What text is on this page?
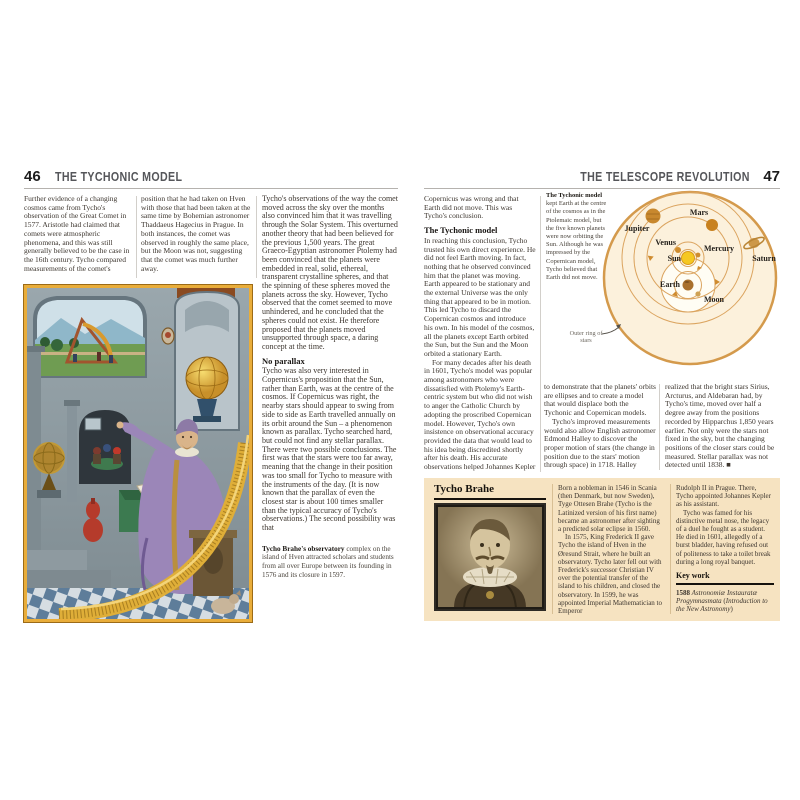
46 THE TYCHONIC MODEL

Further evidence of a changing cosmos came from Tycho's observation of the Great Comet in 1577. Aristotle had claimed that comets were atmospheric phenomena, and this was still generally believed to be the case in the 16th century. Tycho compared measurements of the comet's

position that he had taken on Hven with those that had been taken at the same time by Bohemian astronomer Thaddaeus Hagecius in Prague. In both instances, the comet was observed in roughly the same place, but the Moon was not, suggesting that the comet was much further away.

Tycho's observations of the way the comet moved across the sky over the months also convinced him that it was travelling through the Solar System. This overturned another theory that had been believed for the previous 1,500 years. The great Graeco-Egyptian astronomer Ptolemy had been convinced that the planets were embedded in real, solid, ethereal, transparent crystalline spheres, and that the spinning of these spheres moved the planets across the sky. However, Tycho observed that the comet seemed to move unhindered, and he concluded that the spheres could not exist. He therefore proposed that the planets moved unsupported through space, a daring concept at the time.

No parallax

Tycho was also very interested in Copernicus's proposition that the Sun, rather than Earth, was at the centre of the cosmos. If Copernicus was right, the nearby stars should appear to swing from side to side as Earth travelled annually on its orbit around the Sun – a phenomenon known as parallax. Tycho searched hard, but could not find any stellar parallax. There were two possible conclusions. The first was that the stars were too far away, meaning that the change in their position was too small for Tycho to measure with the instruments of the day. (It is now known that the parallax of even the closest star is about 100 times smaller than the typical accuracy of Tycho's observations.) The second possibility was that

Tycho Brahe's observatory complex on the island of Hven attracted scholars and students from all over Europe between its founding in 1576 and its closure in 1597.
THE TELESCOPE REVOLUTION 47

Copernicus was wrong and that Earth did not move. This was Tycho's conclusion.

The Tychonic model

In reaching this conclusion, Tycho trusted his own direct experience. He did not feel Earth moving. In fact, nothing that he observed convinced him that the planet was moving. Earth appeared to be stationary and the external Universe was the only thing that appeared to be in motion. This led Tycho to discard the Copernican cosmos and introduce his own. In his model of the cosmos, all the planets except Earth orbited the Sun, but the Sun and the Moon orbited a stationary Earth.

For many decades after his death in 1601, Tycho's model was popular among astronomers who were dissatisfied with Ptolemy's Earth-centric system but who did not wish to anger the Catholic Church by adopting the proscribed Copernican model. However, Tycho's own insistence on observational accuracy provided the data that would lead to his idea being discredited shortly after his death. His accurate observations helped Johannes Kepler

The Tychonic model kept Earth at the centre of the cosmos as in the Ptolemaic model, but the five known planets were now orbiting the Sun. Although he was impressed by the Copernican model, Tycho believed that Earth did not move.
Mars
Jupiter
Venus
Mercury
Sun
Earth
Moon
Saturn
Outer ring of stars

to demonstrate that the planets' orbits are ellipses and to create a model that would displace both the Tychonic and Copernican models.

Tycho's improved measurements would also allow English astronomer Edmond Halley to discover the proper motion of stars (the change in position due to the stars' motion through space) in 1718. Halley

realized that the bright stars Sirius, Arcturus, and Aldebaran had, by Tycho's time, moved over half a degree away from the positions recorded by Hipparchus 1,850 years earlier. Not only were the stars not fixed in the sky, but the changing positions of the closer stars could be measured. Stellar parallax was not detected until 1838. ■

Tycho Brahe	Born a nobleman in 1546 in Scania (then Denmark, but now Sweden), Tyge Ottesen Brahe (Tycho is the Latinized version of his first name) became an astronomer after sighting a predicted solar eclipse in 1560.

In 1575, King Frederick II gave Tycho the island of Hven in the Øresund Strait, where he built an observatory. Tycho later fell out with Frederick's successor Christian IV over the potential transfer of the island to his children, and closed the observatory. In 1599, he was appointed Imperial Mathematician to Emperor

Rudolph II in Prague. There, Tycho appointed Johannes Kepler as his assistant.

Tycho was famed for his distinctive metal nose, the legacy of a duel he fought as a student. He died in 1601, allegedly of a burst bladder, having refused out of politeness to take a toilet break during a long royal banquet.

Key work

1588 Astronomiæ Instauratæ Progymnasmata (Introduction to the New Astronomy)
